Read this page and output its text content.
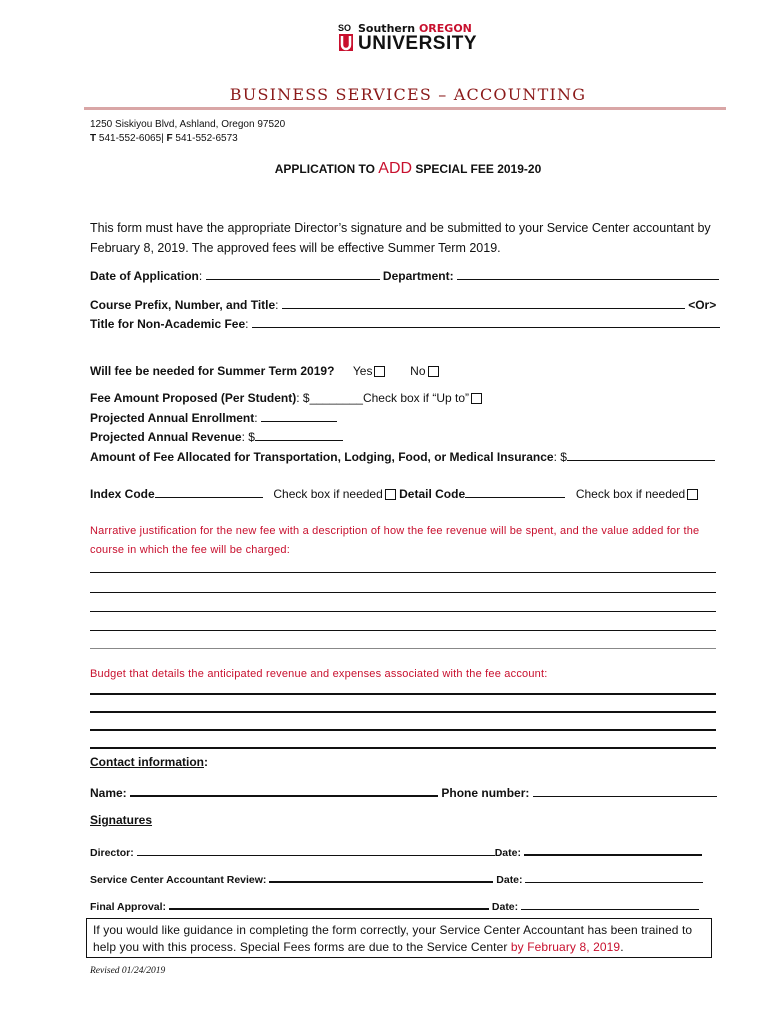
SO Southern OREGON
UNIVERSITY
BUSINESS SERVICES – ACCOUNTING
1250 Siskiyou Blvd, Ashland, Oregon 97520
T 541-552-6065| F 541-552-6573
APPLICATION TO ADD SPECIAL FEE 2019-20
This form must have the appropriate Director’s signature and be submitted to your Service Center accountant by February 8, 2019. The approved fees will be effective Summer Term 2019.
Date of Application:	Department:
Course Prefix, Number, and Title:	<Or>
Title for Non-Academic Fee:
Will fee be needed for Summer Term 2019? Yes	No
Fee Amount Proposed (Per Student): $________Check box if “Up to”
Projected Annual Enrollment:
Projected Annual Revenue: $
Amount of Fee Allocated for Transportation, Lodging, Food, or Medical Insurance: $
Index Code	Check box if needed Detail Code	Check box if needed
Narrative justification for the new fee with a description of how the fee revenue will be spent, and the value added for the course in which the fee will be charged:
Budget that details the anticipated revenue and expenses associated with the fee account:
Contact information:
Name:	Phone number:
Signatures
Director:	Date:
Service Center Accountant Review:	Date:
Final Approval:	Date:
If you would like guidance in completing the form correctly, your Service Center Accountant has been trained to help you with this process. Special Fees forms are due to the Service Center by February 8, 2019.
Revised 01/24/2019
